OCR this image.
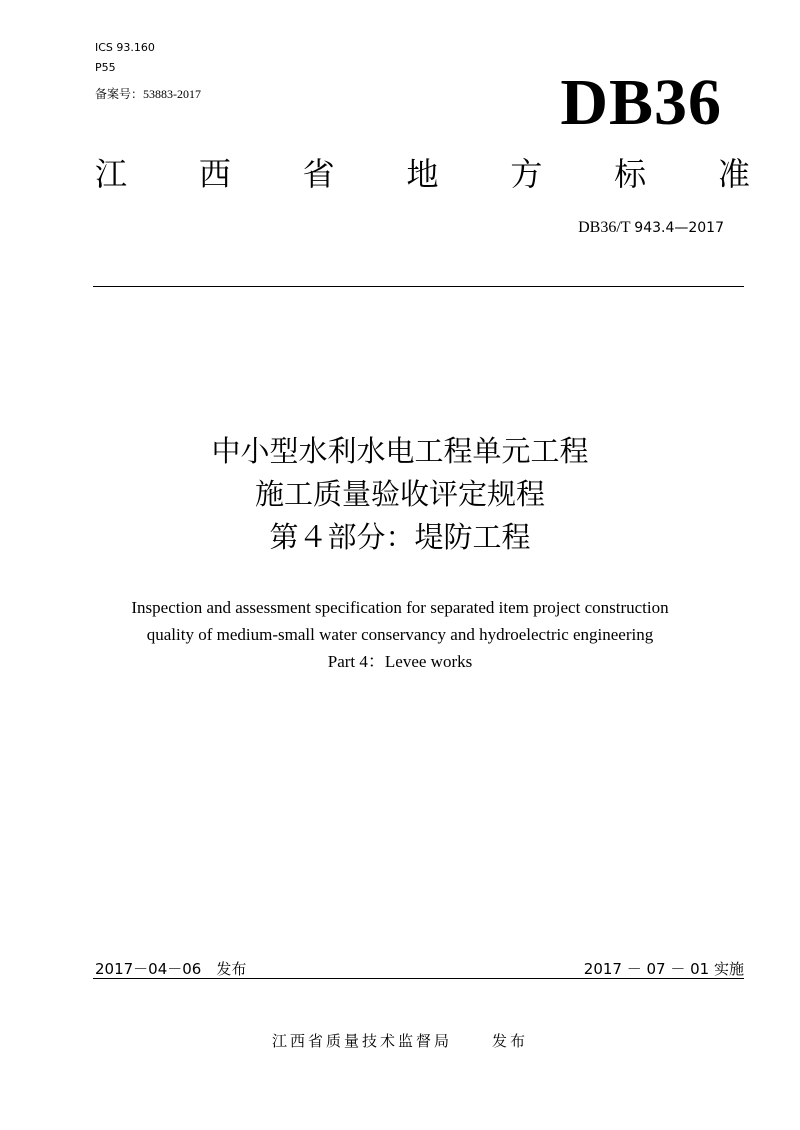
ICS 93.160
P55
备案号：53883-2017	DB36
江 西 省 地 方 标 准
DB36/T 943.4—2017
中小型水利水电工程单元工程
施工质量验收评定规程
第４部分：堤防工程
Inspection and assessment specification for separated item project construction
quality of medium-small water conservancy and hydroelectric engineering
Part 4：Levee works
2017－04－06　发布	2017 － 07 － 01 实施
江西省质量技术监督局	发布
